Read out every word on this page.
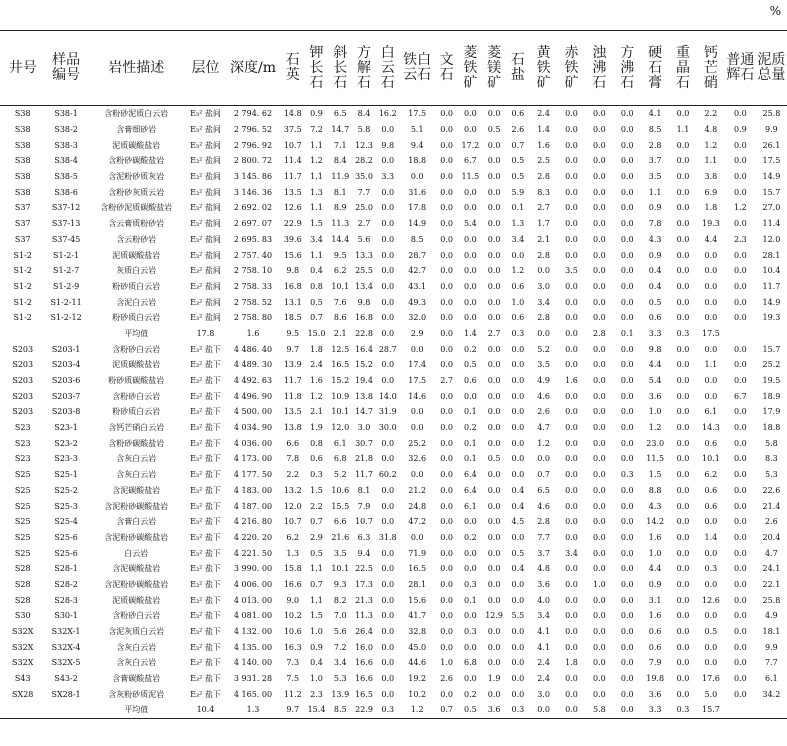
%
井号	样品编号	岩性描述	层位	深度/m	石英	钾长石	斜长石	方解石	白云石	铁白云石	文石	菱铁矿	菱镁矿	石盐	黄铁矿	赤铁矿	浊沸石	方沸石	硬石膏	重晶石	钙芒硝	普通辉石	泥质总量
S38	S38-1	含粉砂泥质白云岩	E₃² 盐间	2 794. 62	14.8	0.9	6.5	8.4	16.2	17.5	0.0	0.0	0.0	0.6	2.4	0.0	0.0	0.0	4.1	0.0	2.2	0.0	25.8
S38	S38-2	含膏细砂岩	E₃² 盐间	2 796. 52	37.5	7.2	14.7	5.8	0.0	5.1	0.0	0.0	0.5	2.6	1.4	0.0	0.0	0.0	8.5	1.1	4.8	0.9	9.9
S38	S38-3	泥质碳酸盐岩	E₃² 盐间	2 796. 92	10.7	1.1	7.1	12.3	9.8	9.4	0.0	17.2	0.0	0.7	1.6	0.0	0.0	0.0	2.8	0.0	1.2	0.0	26.1
S38	S38-4	含粉砂碳酸盐岩	E₃² 盐间	2 800. 72	11.4	1.2	8.4	28.2	0.0	18.8	0.0	6.7	0.0	0.5	2.5	0.0	0.0	0.0	3.7	0.0	1.1	0.0	17.5
S38	S38-5	含泥粉砂质灰岩	E₃² 盐间	3 145. 86	11.7	1.1	11.9	35.0	3.3	0.0	0.0	11.5	0.0	0.5	2.8	0.0	0.0	0.0	3.5	0.0	3.8	0.0	14.9
S38	S38-6	含粉砂灰质云岩	E₃² 盐间	3 146. 36	13.5	1.3	8.1	7.7	0.0	31.6	0.0	0.0	0.0	5.9	8.3	0.0	0.0	0.0	1.1	0.0	6.9	0.0	15.7
S37	S37-12	含粉砂泥质碳酸盐岩	E₃² 盐间	2 692. 02	12.6	1.1	8.9	25.0	0.0	17.8	0.0	0.0	0.0	0.1	2.7	0.0	0.0	0.0	0.9	0.0	1.8	1.2	27.0
S37	S37-13	含云膏质粉砂岩	E₃² 盐间	2 697. 07	22.9	1.5	11.3	2.7	0.0	14.9	0.0	5.4	0.0	1.3	1.7	0.0	0.0	0.0	7.8	0.0	19.3	0.0	11.4
S37	S37-45	含云粉砂岩	E₃² 盐间	2 695. 83	39.6	3.4	14.4	5.6	0.0	8.5	0.0	0.0	0.0	3.4	2.1	0.0	0.0	0.0	4.3	0.0	4.4	2.3	12.0
S1-2	S1-2-1	泥质碳酸盐岩	E₃² 盐间	2 757. 40	15.6	1.1	9.5	13.3	0.0	28.7	0.0	0.0	0.0	0.0	2.8	0.0	0.0	0.0	0.9	0.0	0.0	0.0	28.1
S1-2	S1-2-7	灰质白云岩	E₃² 盐间	2 758. 10	9.8	0.4	6.2	25.5	0.0	42.7	0.0	0.0	0.0	1.2	0.0	3.5	0.0	0.0	0.4	0.0	0.0	0.0	10.4
S1-2	S1-2-9	粉砂质白云岩	E₃² 盐间	2 758. 33	16.8	0.8	10.1	13.4	0.0	43.1	0.0	0.0	0.0	0.6	3.0	0.0	0.0	0.0	0.4	0.0	0.0	0.0	11.7
S1-2	S1-2-11	含泥白云岩	E₃² 盐间	2 758. 52	13.1	0.5	7.6	9.8	0.0	49.3	0.0	0.0	0.0	1.0	3.4	0.0	0.0	0.0	0.5	0.0	0.0	0.0	14.9
S1-2	S1-2-12	粉砂质白云岩	E₃² 盐间	2 758. 80	18.5	0.7	8.6	16.8	0.0	32.0	0.0	0.0	0.0	0.6	2.8	0.0	0.0	0.0	0.6	0.0	0.0	0.0	19.3
		平均值	17.8	1.6	9.5	15.0	2.1	22.8	0.0	2.9	0.0	1.4	2.7	0.3	0.0	0.0	2.8	0.1	3.3	0.3	17.5		
S203	S203-1	含粉砂白云岩	E₃² 盐下	4 486. 40	9.7	1.8	12.5	16.4	28.7	0.0	0.0	0.2	0.0	0.0	5.2	0.0	0.0	0.0	9.8	0.0	0.0	0.0	15.7
S203	S203-4	泥质碳酸盐岩	E₃² 盐下	4 489. 30	13.9	2.4	16.5	15.2	0.0	17.4	0.0	0.5	0.0	0.0	3.5	0.0	0.0	0.0	4.4	0.0	1.1	0.0	25.2
S203	S203-6	粉砂质碳酸盐岩	E₃² 盐下	4 492. 63	11.7	1.6	15.2	19.4	0.0	17.5	2.7	0.6	0.0	0.0	4.9	1.6	0.0	0.0	5.4	0.0	0.0	0.0	19.5
S203	S203-7	含粉砂白云岩	E₃² 盐下	4 496. 90	11.8	1.2	10.9	13.8	14.0	14.6	0.0	0.0	0.0	0.0	4.6	0.0	0.0	0.0	3.6	0.0	0.0	6.7	18.9
S203	S203-8	粉砂质白云岩	E₃² 盐下	4 500. 00	13.5	2.1	10.1	14.7	31.9	0.0	0.0	0.1	0.0	0.0	2.6	0.0	0.0	0.0	1.0	0.0	6.1	0.0	17.9
S23	S23-1	含钙芒硝白云岩	E₃² 盐下	4 034. 90	13.8	1.9	12.0	3.0	30.0	0.0	0.0	0.2	0.0	0.0	4.7	0.0	0.0	0.0	1.2	0.0	14.3	0.0	18.8
S23	S23-2	含粉砂碳酸盐岩	E₃² 盐下	4 036. 00	6.6	0.8	6.1	30.7	0.0	25.2	0.0	0.1	0.0	0.0	1.2	0.0	0.0	0.0	23.0	0.0	0.6	0.0	5.8
S23	S23-3	含灰白云岩	E₃² 盐下	4 173. 00	7.8	0.6	6.8	21.8	0.0	32.6	0.0	0.1	0.5	0.0	0.0	0.0	0.0	0.0	11.5	0.0	10.1	0.0	8.3
S25	S25-1	含灰白云岩	E₃² 盐下	4 177. 50	2.2	0.3	5.2	11.7	60.2	0.0	0.0	6.4	0.0	0.0	0.7	0.0	0.0	0.3	1.5	0.0	6.2	0.0	5.3
S25	S25-2	含泥碳酸盐岩	E₃² 盐下	4 183. 00	13.2	1.5	10.6	8.1	0.0	21.2	0.0	6.4	0.0	0.4	6.5	0.0	0.0	0.0	8.8	0.0	0.6	0.0	22.6
S25	S25-3	含泥粉砂碳酸盐岩	E₃² 盐下	4 187. 00	12.0	2.2	15.5	7.9	0.0	24.8	0.0	6.1	0.0	0.4	4.6	0.0	0.0	0.0	4.3	0.0	0.6	0.0	21.4
S25	S25-4	含膏白云岩	E₃² 盐下	4 216. 80	10.7	0.7	6.6	10.7	0.0	47.2	0.0	0.0	0.0	4.5	2.8	0.0	0.0	0.0	14.2	0.0	0.0	0.0	2.6
S25	S25-6	含泥粉砂碳酸盐岩	E₃² 盐下	4 220. 20	6.2	2.9	21.6	6.3	31.8	0.0	0.0	0.2	0.0	0.0	7.7	0.0	0.0	0.0	1.6	0.0	1.4	0.0	20.4
S25	S25-6	白云岩	E₃² 盐下	4 221. 50	1.3	0.5	3.5	9.4	0.0	71.9	0.0	0.0	0.0	0.5	3.7	3.4	0.0	0.0	1.0	0.0	0.0	0.0	4.7
S28	S28-1	含泥碳酸盐岩	E₃² 盐下	3 990. 00	15.8	1.1	10.1	22.5	0.0	16.5	0.0	0.0	0.0	0.4	4.8	0.0	0.0	0.0	4.4	0.0	0.3	0.0	24.1
S28	S28-2	含泥粉砂碳酸盐岩	E₃² 盐下	4 006. 00	16.6	0.7	9.3	17.3	0.0	28.1	0.0	0.3	0.0	0.0	3.6	0.0	1.0	0.0	0.9	0.0	0.0	0.0	22.1
S28	S28-3	泥质碳酸盐岩	E₃² 盐下	4 013. 00	9.0	1.1	8.2	21.3	0.0	15.6	0.0	0.1	0.0	0.0	4.0	0.0	0.0	0.0	3.1	0.0	12.6	0.0	25.8
S30	S30-1	含粉砂白云岩	E₃² 盐下	4 081. 00	10.2	1.5	7.0	11.3	0.0	41.7	0.0	0.0	12.9	5.5	3.4	0.0	0.0	0.0	1.6	0.0	0.0	0.0	4.9
S32X	S32X-1	含泥灰质白云岩	E₃² 盐下	4 132. 00	10.6	1.0	5.6	26.4	0.0	32.8	0.0	0.3	0.0	0.0	4.1	0.0	0.0	0.0	0.6	0.0	0.5	0.0	18.1
S32X	S32X-4	含灰白云岩	E₃² 盐下	4 135. 00	16.3	0.9	7.2	16.0	0.0	45.0	0.0	0.0	0.0	0.0	4.1	0.0	0.0	0.0	0.6	0.0	0.0	0.0	9.9
S32X	S32X-5	含灰白云岩	E₃² 盐下	4 140. 00	7.3	0.4	3.4	16.6	0.0	44.6	1.0	6.8	0.0	0.0	2.4	1.8	0.0	0.0	7.9	0.0	0.0	0.0	7.7
S43	S43-2	含膏碳酸盐岩	E₃² 盐下	3 931. 28	7.5	1.0	5.3	16.6	0.0	19.2	2.6	0.0	1.9	0.0	2.4	0.0	0.0	0.0	19.8	0.0	17.6	0.0	6.1
SX28	SX28-1	含灰粉砂质泥岩	E₃² 盐下	4 165. 00	11.2	2.3	13.9	16.5	0.0	10.2	0.0	0.2	0.0	0.0	3.0	0.0	0.0	0.0	3.6	0.0	5.0	0.0	34.2
		平均值	10.4	1.3	9.7	15.4	8.5	22.9	0.3	1.2	0.7	0.5	3.6	0.3	0.0	0.0	5.8	0.0	3.3	0.3	15.7		
